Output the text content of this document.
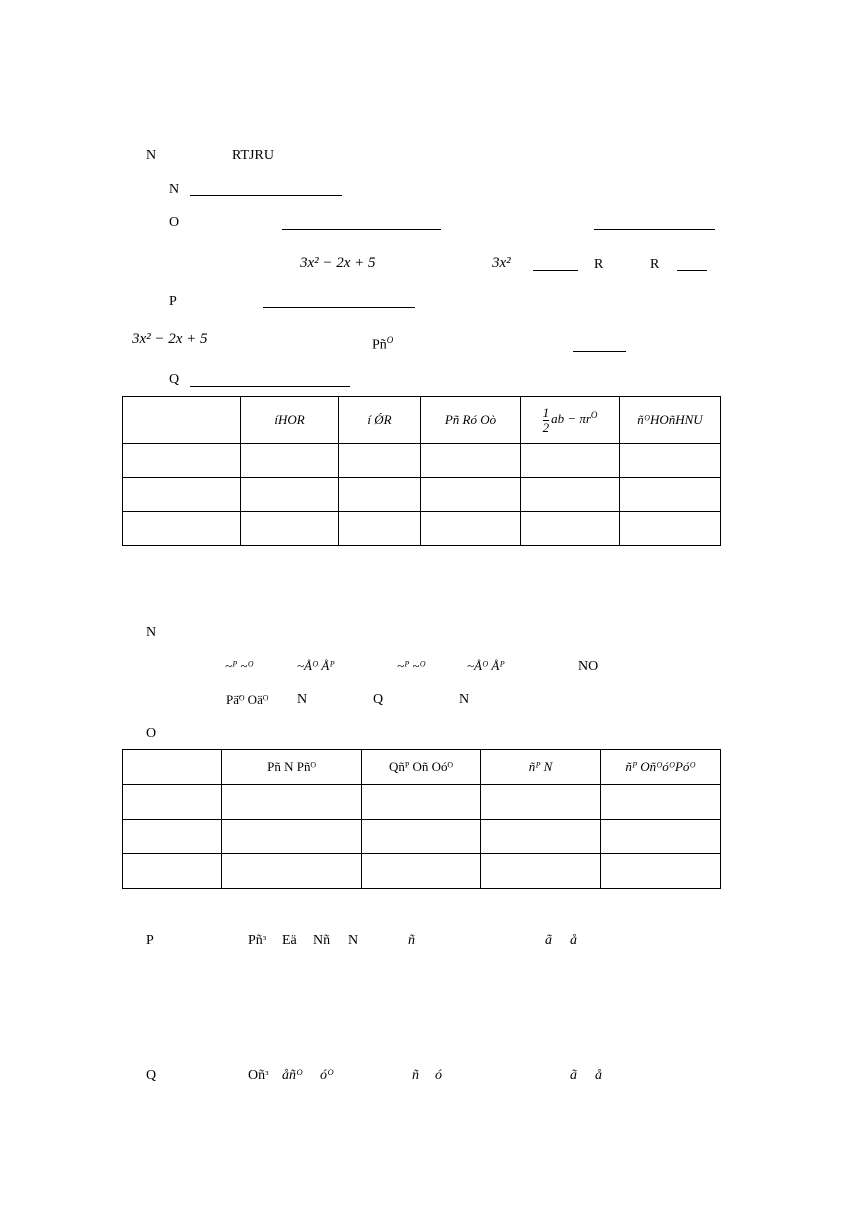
N	RTJRU
N
O
3x² − 2x + 5	3x²	R	R
P
3x² − 2x + 5	$Pñ^O$
Q
	íHOR	í ǾR	Pñ Ró Oò	$\frac{1}{2}$ ab − $\pi r^O$	ñᴼHOñHNU

N
~ᴾ ~ᴼ	~Åᴼ Åᴾ	~ᴾ ~ᴼ	~Åᴼ Åᴾ	NO
Pä̈ᴼ Oäᴼ N	Q	N
O
	Pñ N Pñᴼ	Qñᴾ Oñ Oóᴼ	ñᴾ N	ñᴾ OñᴼóᴼPóᴼ

P	Pñᵌ Eä Nñ N	ñ	ã å
Q	Oñᵌ åñᴼ óᴼ	ñ ó	ã å
